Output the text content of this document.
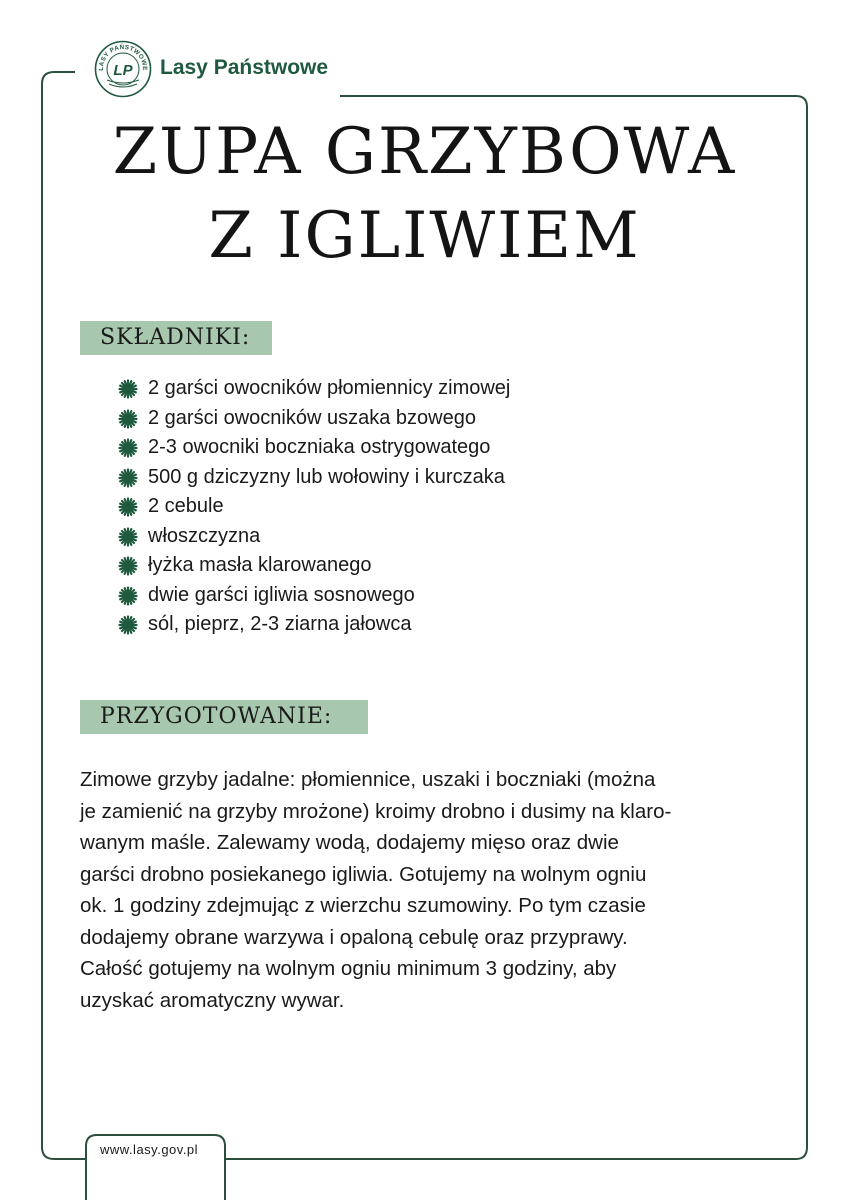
LASY PAŃSTWOWE
LP Lasy Państwowe
ZUPA GRZYBOWA
Z IGLIWIEM
SKŁADNIKI:
2 garści owocników płomiennicy zimowej
2 garści owocników uszaka bzowego
2-3 owocniki boczniaka ostrygowatego
500 g dziczyzny lub wołowiny i kurczaka
2 cebule
włoszczyzna
łyżka masła klarowanego
dwie garści igliwia sosnowego
sól, pieprz, 2-3 ziarna jałowca
PRZYGOTOWANIE:

Zimowe grzyby jadalne: płomiennice, uszaki i boczniaki (można
je zamienić na grzyby mrożone) kroimy drobno i dusimy na klaro-
wanym maśle. Zalewamy wodą, dodajemy mięso oraz dwie
garści drobno posiekanego igliwia. Gotujemy na wolnym ogniu
ok. 1 godziny zdejmując z wierzchu szumowiny. Po tym czasie
dodajemy obrane warzywa i opaloną cebulę oraz przyprawy.
Całość gotujemy na wolnym ogniu minimum 3 godziny, aby
uzyskać aromatyczny wywar.

www.lasy.gov.pl
